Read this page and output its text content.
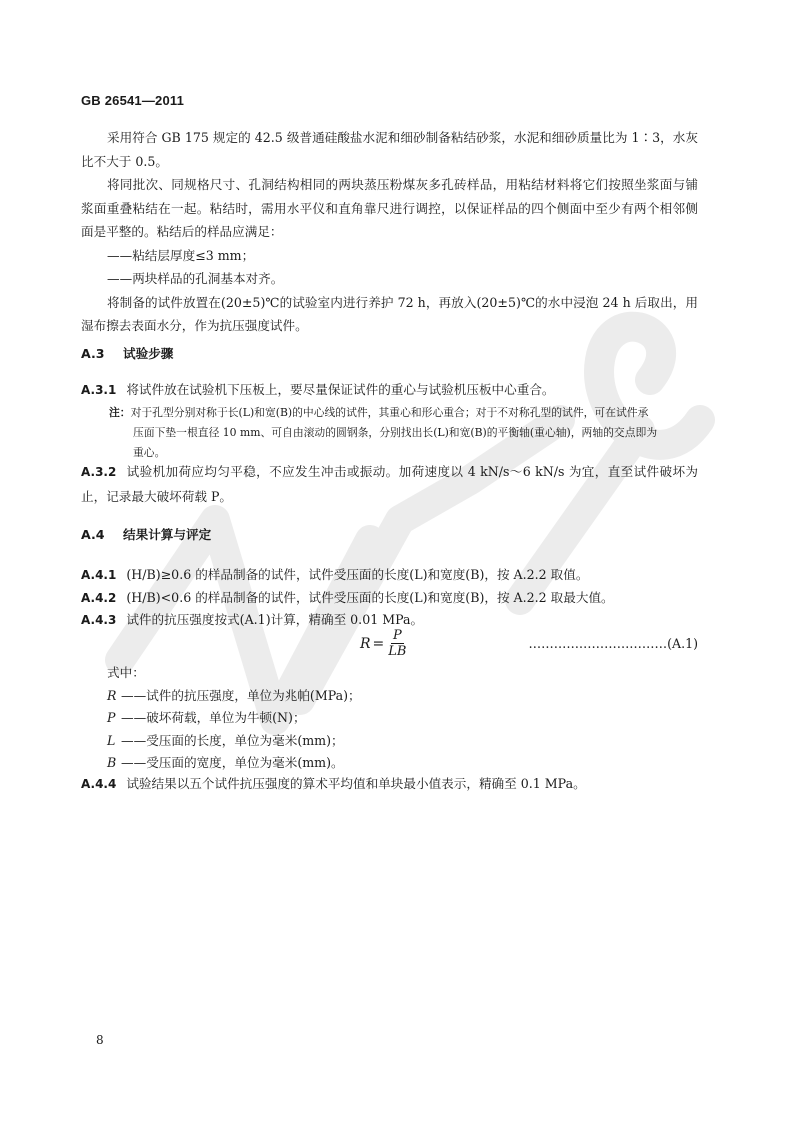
GB 26541—2011

采用符合 GB 175 规定的 42.5 级普通硅酸盐水泥和细砂制备粘结砂浆，水泥和细砂质量比为 1∶3，水灰比不大于 0.5。

将同批次、同规格尺寸、孔洞结构相同的两块蒸压粉煤灰多孔砖样品，用粘结材料将它们按照坐浆面与铺浆面重叠粘结在一起。粘结时，需用水平仪和直角靠尺进行调控，以保证样品的四个侧面中至少有两个相邻侧面是平整的。粘结后的样品应满足：

——粘结层厚度≤3 mm；

——两块样品的孔洞基本对齐。

将制备的试件放置在(20±5)℃的试验室内进行养护 72 h，再放入(20±5)℃的水中浸泡 24 h 后取出，用湿布擦去表面水分，作为抗压强度试件。

A.3 试验步骤
A.3.1 将试件放在试验机下压板上，要尽量保证试件的重心与试验机压板中心重合。
注：对于孔型分别对称于长(L)和宽(B)的中心线的试件，其重心和形心重合；对于不对称孔型的试件，可在试件承
压面下垫一根直径 10 mm、可自由滚动的圆钢条，分别找出长(L)和宽(B)的平衡轴(重心轴)，两轴的交点即为
重心。
A.3.2 试验机加荷应均匀平稳，不应发生冲击或振动。加荷速度以 4 kN/s～6 kN/s 为宜，直至试件破坏为止，记录最大破坏荷载 P。
A.4 结果计算与评定
A.4.1 (H/B)≥0.6 的样品制备的试件，试件受压面的长度(L)和宽度(B)，按 A.2.2 取值。
A.4.2 (H/B)<0.6 的样品制备的试件，试件受压面的长度(L)和宽度(B)，按 A.2.2 取最大值。
A.4.3 试件的抗压强度按式(A.1)计算，精确至 0.01 MPa。
$R = \frac{P}{LB}$	……………………………(A.1)
式中：
R ——试件的抗压强度，单位为兆帕(MPa)；
P ——破坏荷载，单位为牛顿(N)；
L ——受压面的长度，单位为毫米(mm)；
B ——受压面的宽度，单位为毫米(mm)。
A.4.4 试验结果以五个试件抗压强度的算术平均值和单块最小值表示，精确至 0.1 MPa。
8
